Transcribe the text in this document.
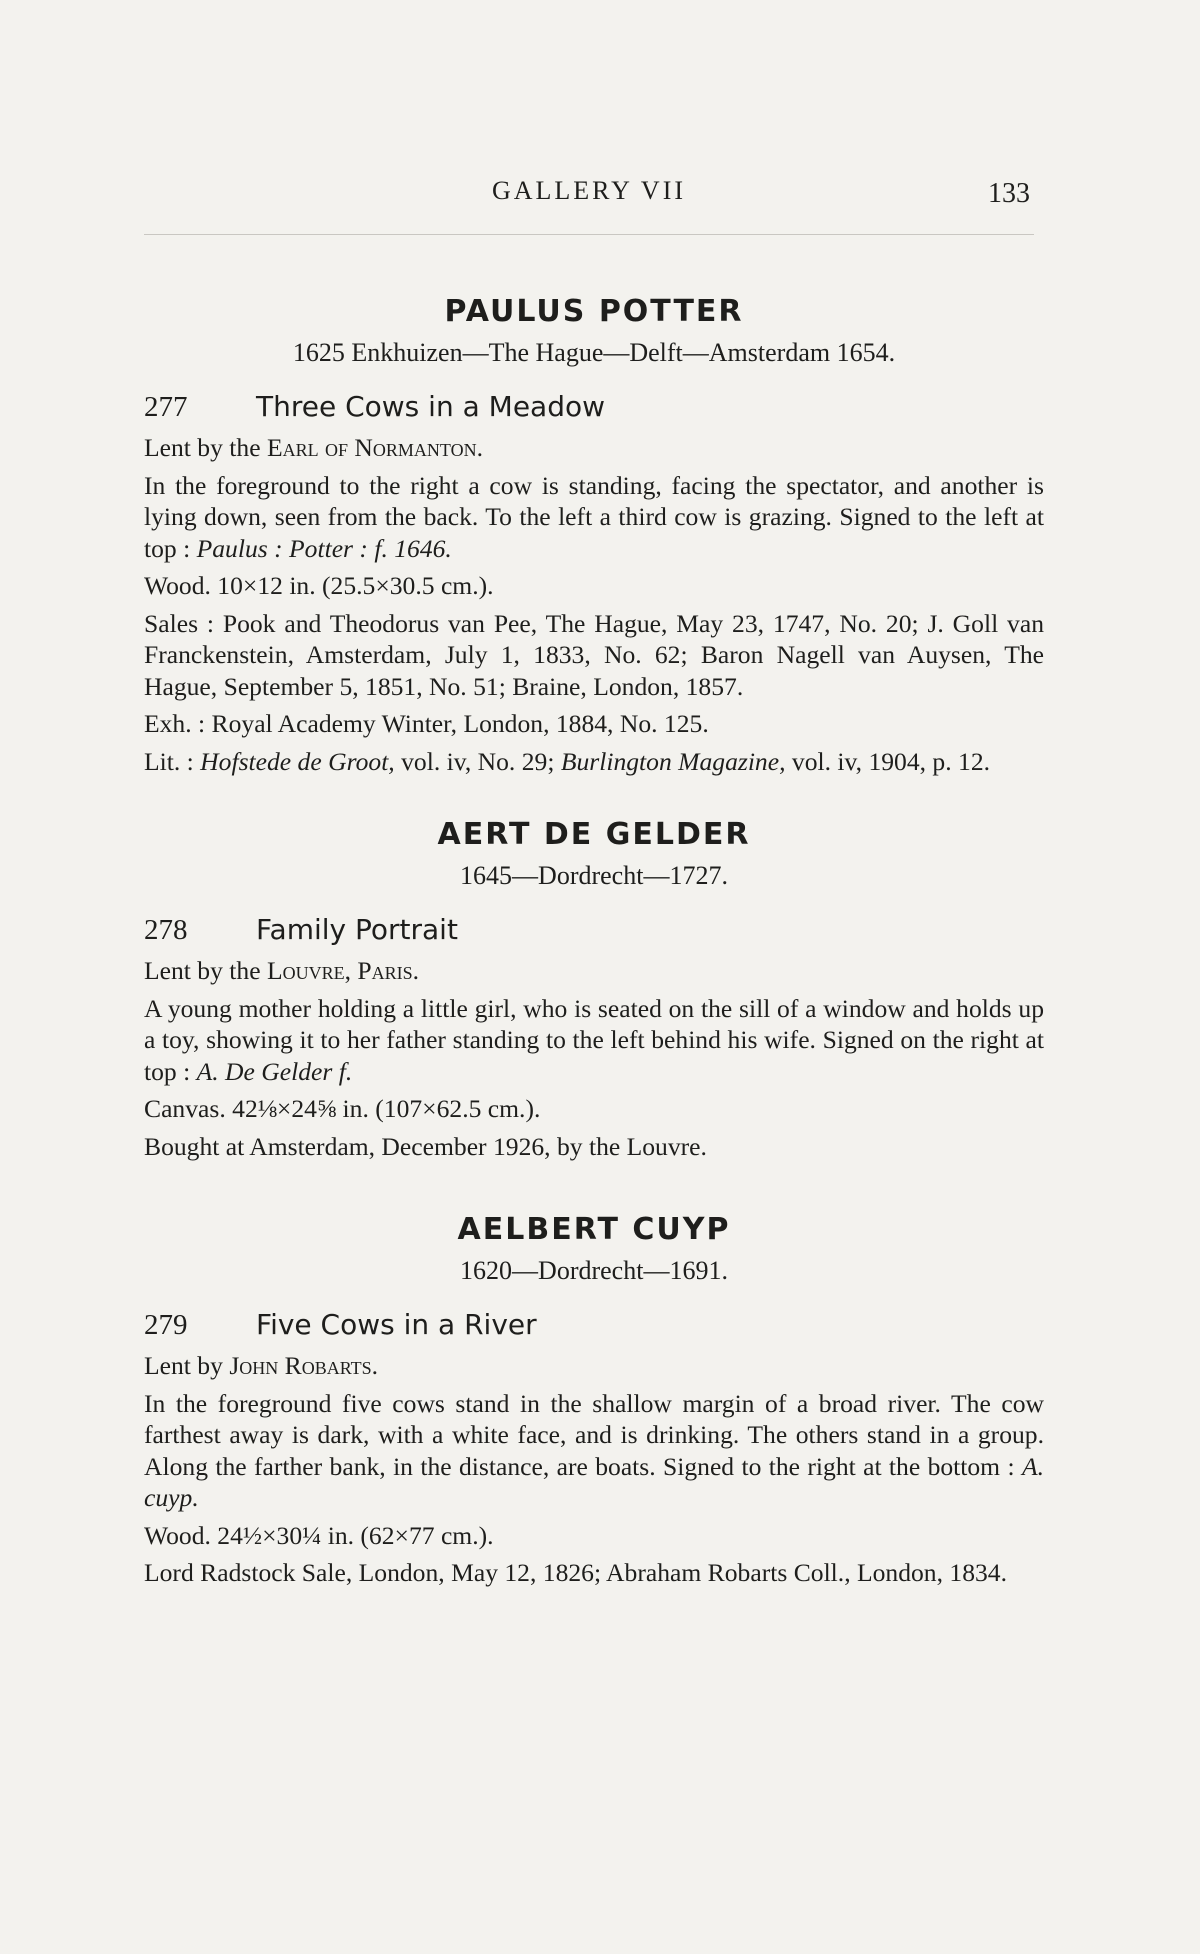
GALLERY VII	133
PAULUS POTTER

1625 Enkhuizen—The Hague—Delft—Amsterdam 1654.

277	Three Cows in a Meadow

Lent by the Earl of Normanton.

In the foreground to the right a cow is standing, facing the spectator, and another is lying down, seen from the back. To the left a third cow is grazing. Signed to the left at top : Paulus : Potter : f. 1646.

Wood. 10×12 in. (25.5×30.5 cm.).

Sales : Pook and Theodorus van Pee, The Hague, May 23, 1747, No. 20; J. Goll van Franckenstein, Amsterdam, July 1, 1833, No. 62; Baron Nagell van Auysen, The Hague, September 5, 1851, No. 51; Braine, London, 1857.

Exh. : Royal Academy Winter, London, 1884, No. 125.

Lit. : Hofstede de Groot, vol. iv, No. 29; Burlington Magazine, vol. iv, 1904, p. 12.

AERT DE GELDER

1645—Dordrecht—1727.

278	Family Portrait

Lent by the Louvre, Paris.

A young mother holding a little girl, who is seated on the sill of a window and holds up a toy, showing it to her father standing to the left behind his wife. Signed on the right at top : A. De Gelder f.

Canvas. 42⅛×24⅝ in. (107×62.5 cm.).

Bought at Amsterdam, December 1926, by the Louvre.

AELBERT CUYP

1620—Dordrecht—1691.

279	Five Cows in a River

Lent by John Robarts.

In the foreground five cows stand in the shallow margin of a broad river. The cow farthest away is dark, with a white face, and is drinking. The others stand in a group. Along the farther bank, in the distance, are boats. Signed to the right at the bottom : A. cuyp.

Wood. 24½×30¼ in. (62×77 cm.).

Lord Radstock Sale, London, May 12, 1826; Abraham Robarts Coll., London, 1834.
